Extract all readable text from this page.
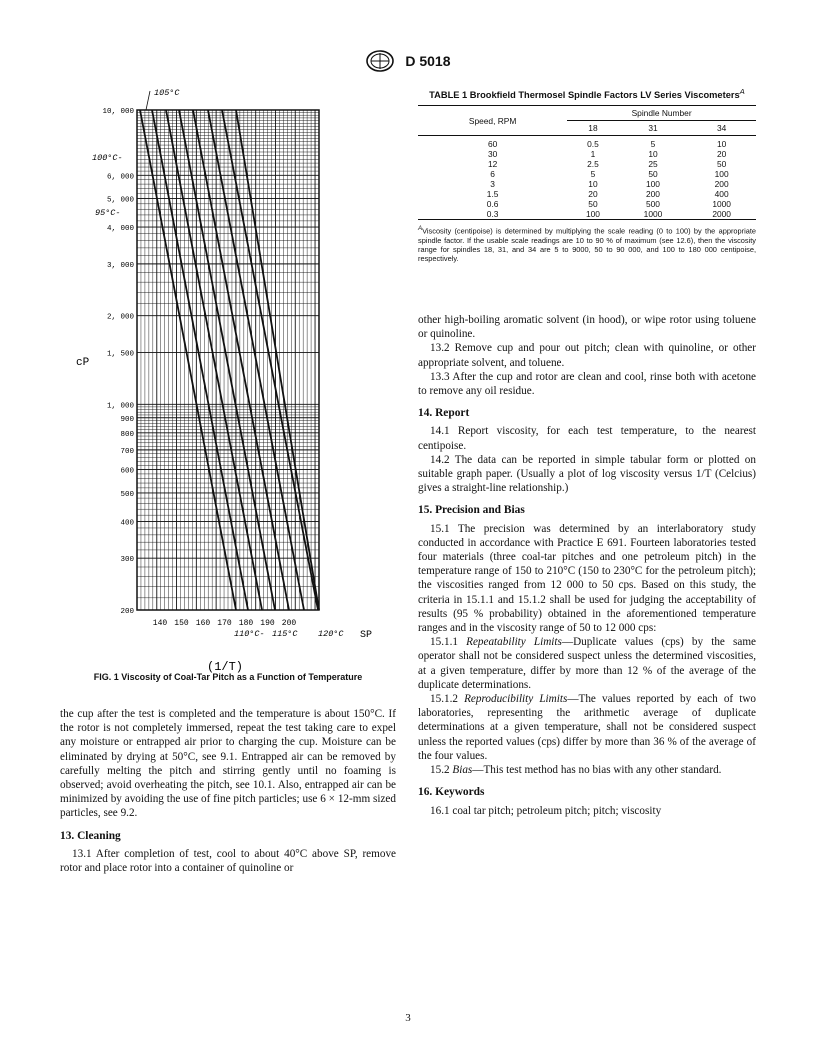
D 5018
10, 000
6, 000
5, 000
4, 000
3, 000
2, 000
1, 500
1, 000
900
800
700
600
500
400
300
200
140 150 160 170 180 190 200
cP
SP
(1/T)
105°C
100°C-
95°C-
110°C- 115°C 120°C
FIG. 1 Viscosity of Coal-Tar Pitch as a Function of Temperature
TABLE 1 Brookfield Thermosel Spindle Factors LV Series Viscometers$^A$
Speed, RPM	Spindle Number		
	18	31	34
60	0.5	5	10
30	1	10	20
12	2.5	25	50
6	5	50	100
3	10	100	200
1.5	20	200	400
0.6	50	500	1000
0.3	100	1000	2000
$^A$Viscosity (centipoise) is determined by multiplying the scale reading (0 to 100) by the appropriate spindle factor. If the usable scale readings are 10 to 90 % of maximum (see 12.6), then the viscosity range for spindles 18, 31, and 34 are 5 to 9000, 50 to 90 000, and 100 to 180 000 centipoise, respectively.

the cup after the test is completed and the temperature is about 150°C. If the rotor is not completely immersed, repeat the test taking care to expel any moisture or entrapped air prior to charging the cup. Moisture can be eliminated by drying at 50°C, see 9.1. Entrapped air can be removed by carefully melting the pitch and stirring gently until no foaming is observed; avoid overheating the pitch, see 10.1. Also, entrapped air can be minimized by avoiding the use of fine pitch particles; use 6 × 12-mm sized particles, see 9.2.

13. Cleaning

13.1 After completion of test, cool to about 40°C above SP, remove rotor and place rotor into a container of quinoline or

other high-boiling aromatic solvent (in hood), or wipe rotor using toluene or quinoline.

13.2 Remove cup and pour out pitch; clean with quinoline, or other appropriate solvent, and toluene.

13.3 After the cup and rotor are clean and cool, rinse both with acetone to remove any oil residue.

14. Report

14.1 Report viscosity, for each test temperature, to the nearest centipoise.

14.2 The data can be reported in simple tabular form or plotted on suitable graph paper. (Usually a plot of log viscosity versus 1/T (Celcius) gives a straight-line relationship.)

15. Precision and Bias

15.1 The precision was determined by an interlaboratory study conducted in accordance with Practice E 691. Fourteen laboratories tested four materials (three coal-tar pitches and one petroleum pitch) in the temperature range of 150 to 210°C (150 to 230°C for the petroleum pitch); the viscosities ranged from 12 000 to 50 cps. Based on this study, the criteria in 15.1.1 and 15.1.2 shall be used for judging the acceptability of results (95 % probability) obtained in the aforementioned temperature ranges and in the viscosity range of 50 to 12 000 cps:

15.1.1 Repeatability Limits—Duplicate values (cps) by the same operator shall not be considered suspect unless the determined viscosities, at a given temperature, differ by more than 12 % of the average of the duplicate determinations.

15.1.2 Reproducibility Limits—The values reported by each of two laboratories, representing the arithmetic average of duplicate determinations at a given temperature, shall not be considered suspect unless the reported values (cps) differ by more than 36 % of the average of the four values.

15.2 Bias—This test method has no bias with any other standard.

16. Keywords

16.1 coal tar pitch; petroleum pitch; pitch; viscosity

3
